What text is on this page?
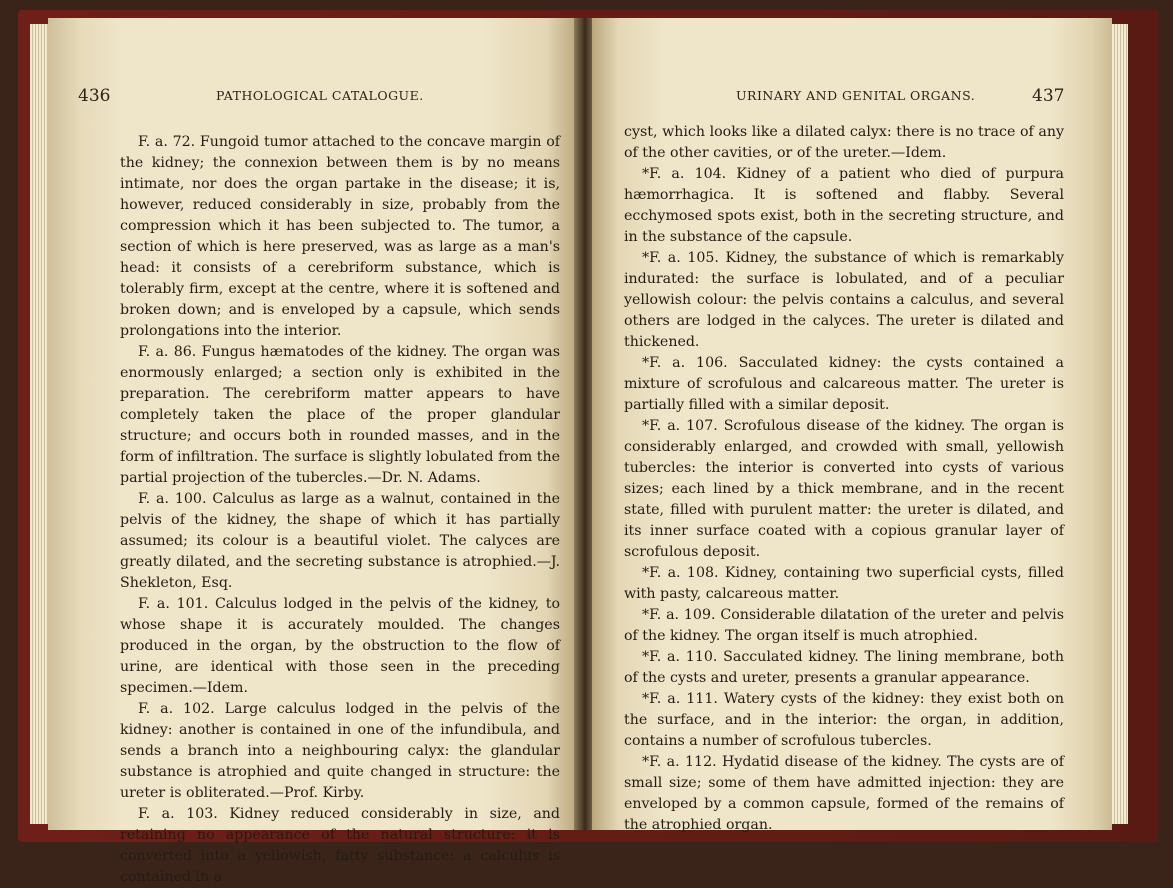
436	PATHOLOGICAL CATALOGUE.

F. a. 72. Fungoid tumor attached to the concave margin of the kidney; the connexion between them is by no means intimate, nor does the organ partake in the disease; it is, however, reduced considerably in size, probably from the compression which it has been subjected to. The tumor, a section of which is here preserved, was as large as a man's head: it consists of a cerebriform substance, which is tolerably firm, except at the centre, where it is softened and broken down; and is enveloped by a capsule, which sends prolongations into the interior.

F. a. 86. Fungus hæmatodes of the kidney. The organ was enormously enlarged; a section only is exhibited in the preparation. The cerebriform matter appears to have completely taken the place of the proper glandular structure; and occurs both in rounded masses, and in the form of infiltration. The surface is slightly lobulated from the partial projection of the tubercles.—Dr. N. Adams.

F. a. 100. Calculus as large as a walnut, contained in the pelvis of the kidney, the shape of which it has partially assumed; its colour is a beautiful violet. The calyces are greatly dilated, and the secreting substance is atrophied.—J. Shekleton, Esq.

F. a. 101. Calculus lodged in the pelvis of the kidney, to whose shape it is accurately moulded. The changes produced in the organ, by the obstruction to the flow of urine, are identical with those seen in the preceding specimen.—Idem.

F. a. 102. Large calculus lodged in the pelvis of the kidney: another is contained in one of the infundibula, and sends a branch into a neighbouring calyx: the glandular substance is atrophied and quite changed in structure: the ureter is obliterated.—Prof. Kirby.

F. a. 103. Kidney reduced considerably in size, and retaining no appearance of the natural structure: it is converted into a yellowish, fatty substance: a calculus is contained in a

URINARY AND GENITAL ORGANS.	437

cyst, which looks like a dilated calyx: there is no trace of any of the other cavities, or of the ureter.—Idem.

*F. a. 104. Kidney of a patient who died of purpura hæmorrhagica. It is softened and flabby. Several ecchymosed spots exist, both in the secreting structure, and in the substance of the capsule.

*F. a. 105. Kidney, the substance of which is remarkably indurated: the surface is lobulated, and of a peculiar yellowish colour: the pelvis contains a calculus, and several others are lodged in the calyces. The ureter is dilated and thickened.

*F. a. 106. Sacculated kidney: the cysts contained a mixture of scrofulous and calcareous matter. The ureter is partially filled with a similar deposit.

*F. a. 107. Scrofulous disease of the kidney. The organ is considerably enlarged, and crowded with small, yellowish tubercles: the interior is converted into cysts of various sizes; each lined by a thick membrane, and in the recent state, filled with purulent matter: the ureter is dilated, and its inner surface coated with a copious granular layer of scrofulous deposit.

*F. a. 108. Kidney, containing two superficial cysts, filled with pasty, calcareous matter.

*F. a. 109. Considerable dilatation of the ureter and pelvis of the kidney. The organ itself is much atrophied.

*F. a. 110. Sacculated kidney. The lining membrane, both of the cysts and ureter, presents a granular appearance.

*F. a. 111. Watery cysts of the kidney: they exist both on the surface, and in the interior: the organ, in addition, contains a number of scrofulous tubercles.

*F. a. 112. Hydatid disease of the kidney. The cysts are of small size; some of them have admitted injection: they are enveloped by a common capsule, formed of the remains of the atrophied organ.
